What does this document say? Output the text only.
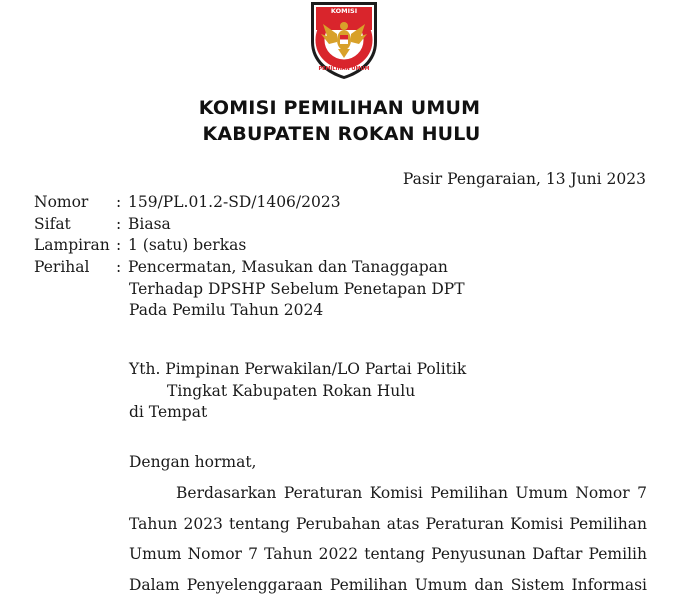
KOMISI
PEMILIHAN UMUM
KOMISI PEMILIHAN UMUM
KABUPATEN ROKAN HULU
Pasir Pengaraian, 13 Juni 2023
Nomor : 159/PL.01.2-SD/1406/2023
Sifat	: Biasa
Lampiran : 1 (satu) berkas
Perihal : Pencermatan, Masukan dan Tanaggapan
Terhadap DPSHP Sebelum Penetapan DPT
Pada Pemilu Tahun 2024
Yth. Pimpinan Perwakilan/LO Partai Politik
Tingkat Kabupaten Rokan Hulu
di Tempat
Dengan hormat,
Berdasarkan Peraturan Komisi Pemilihan Umum Nomor 7
Tahun 2023 tentang Perubahan atas Peraturan Komisi Pemilihan
Umum Nomor 7 Tahun 2022 tentang Penyusunan Daftar Pemilih
Dalam Penyelenggaraan Pemilihan Umum dan Sistem Informasi
